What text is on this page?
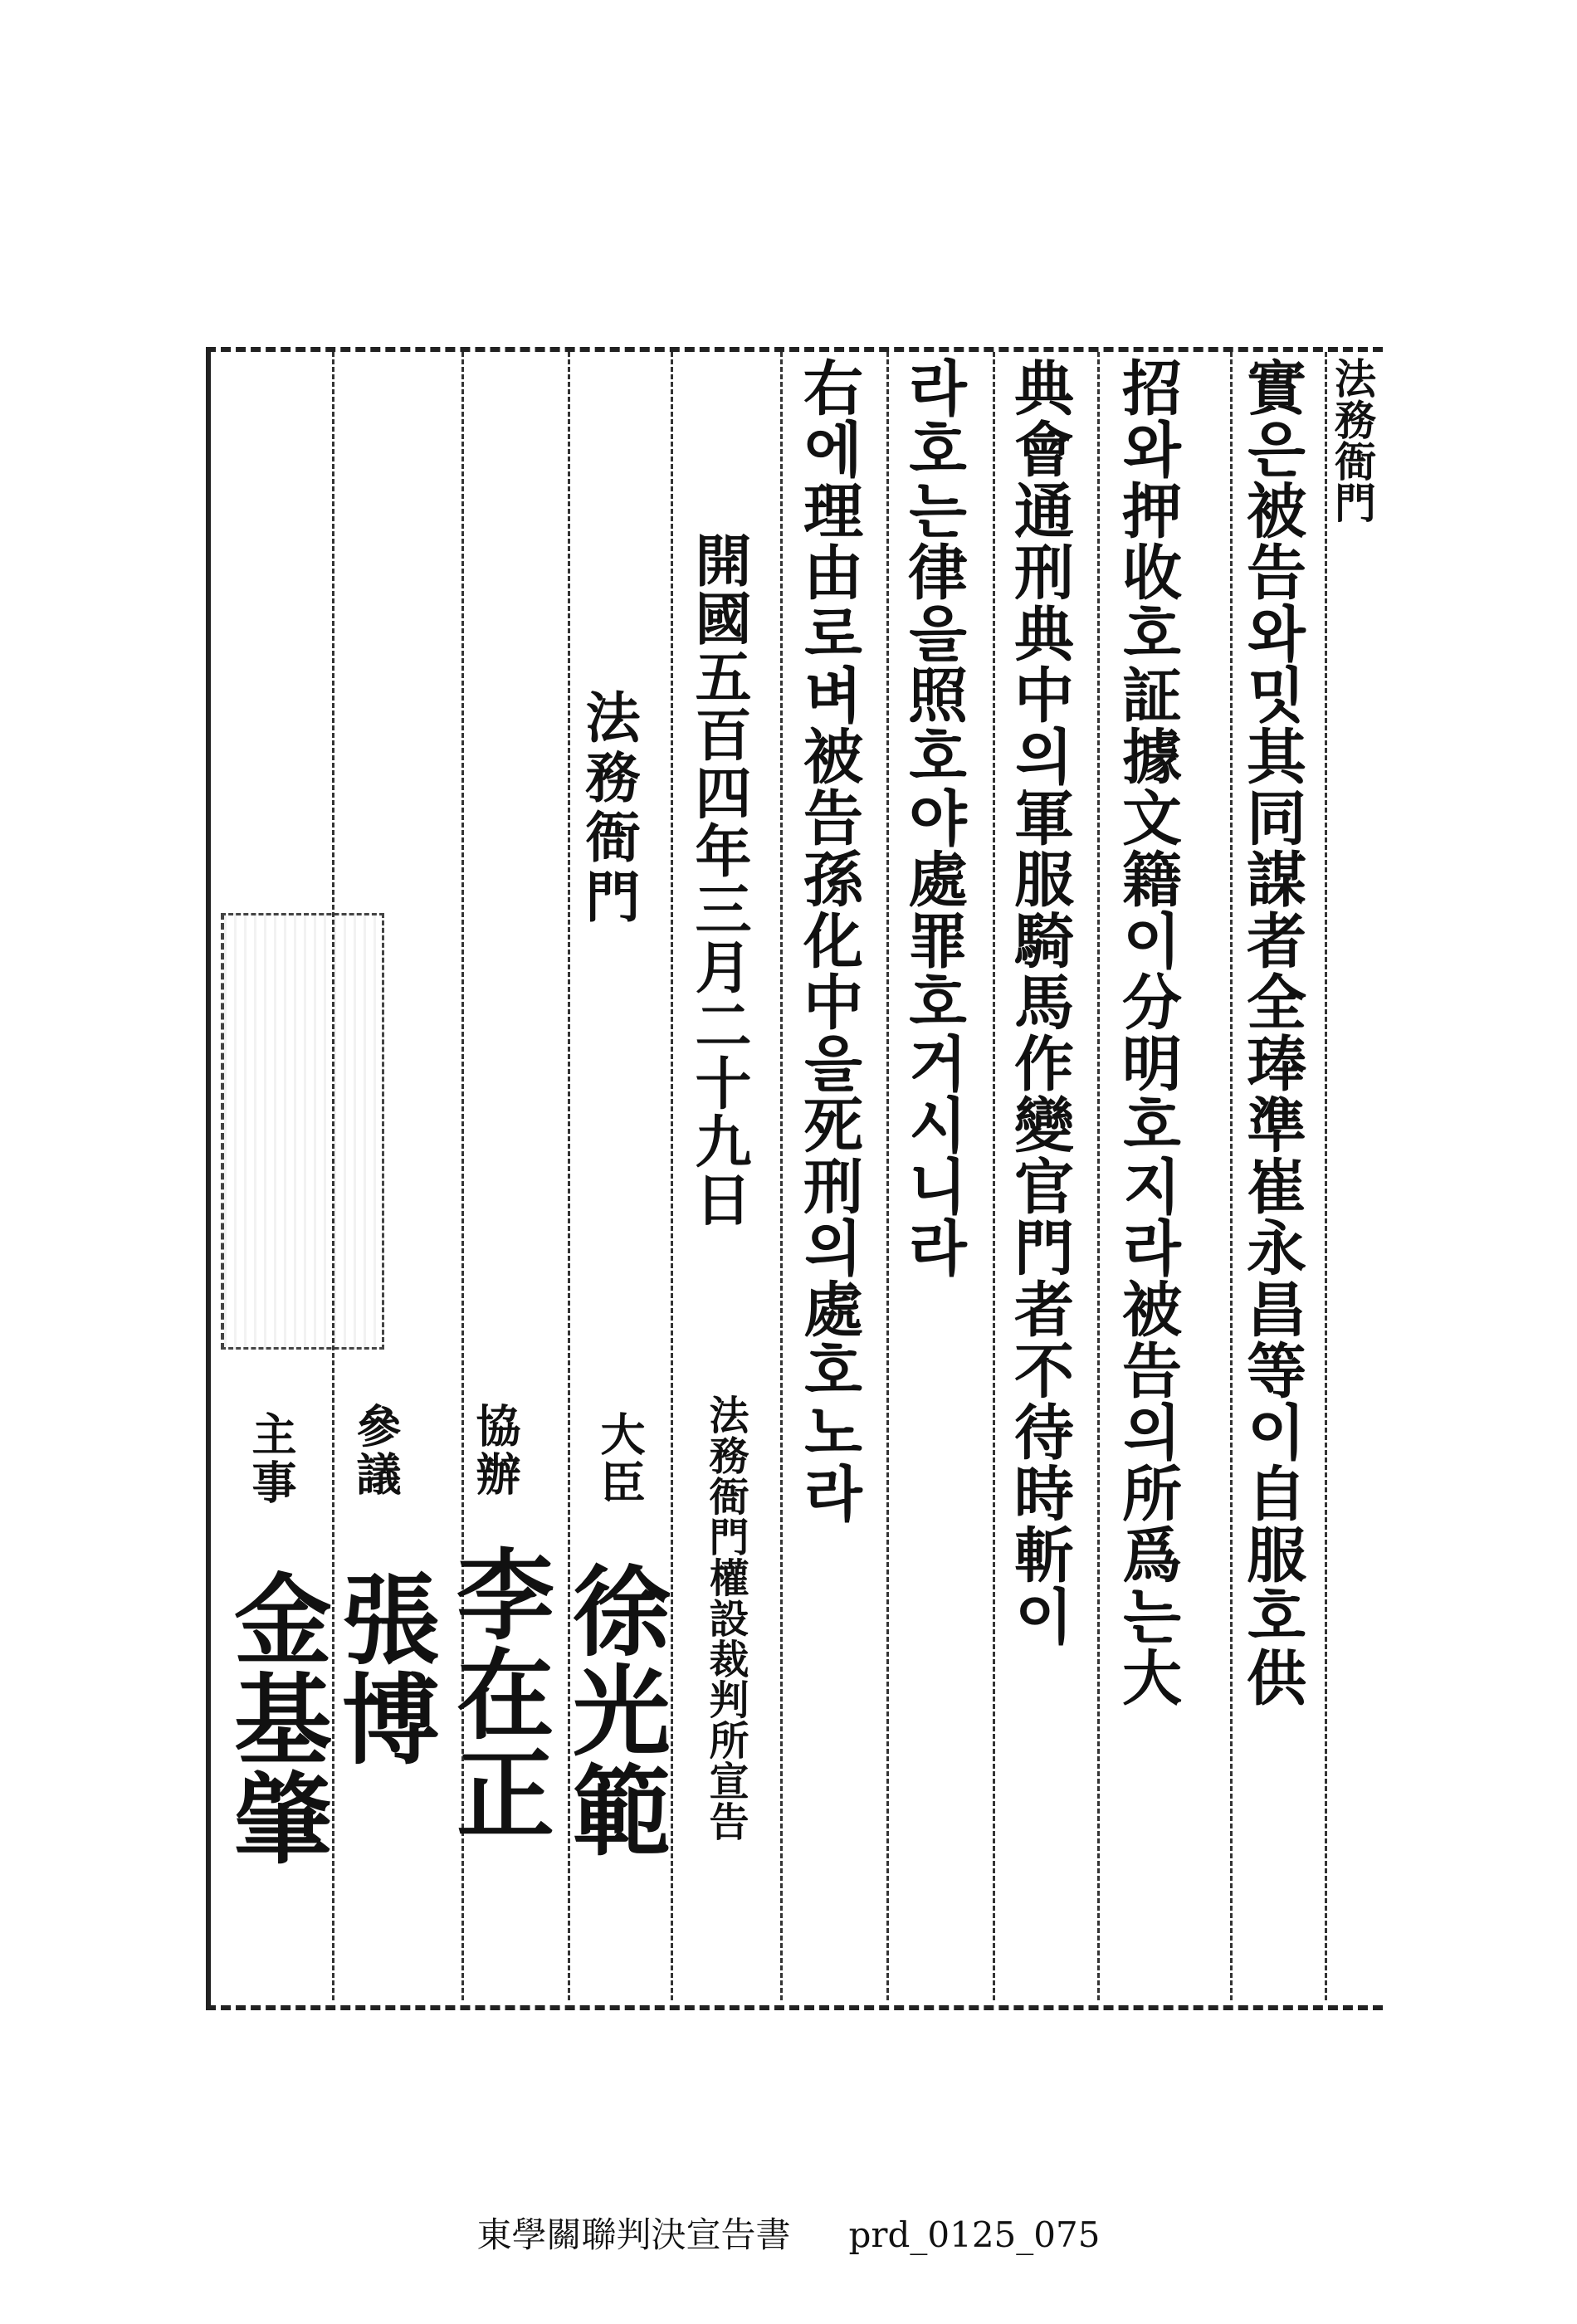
法務衙門
實은被告와밋其同謀者全琫準崔永昌等이自服호供
招와押收호証據文籍이分明호지라被告의所爲는大
典會通刑典中의軍服騎馬作變官門者不待時斬이
라호는律을照호야處罪호거시니라
右에理由로벼被告孫化中을死刑의處호노라
開國五百四年三月二十九日
法務衙門權設裁判所宣告
法務衙門
大臣
協辦
參議
主事
徐光範
李在正
張博
金基肇
東學關聯判決宣告書 prd_0125_075
